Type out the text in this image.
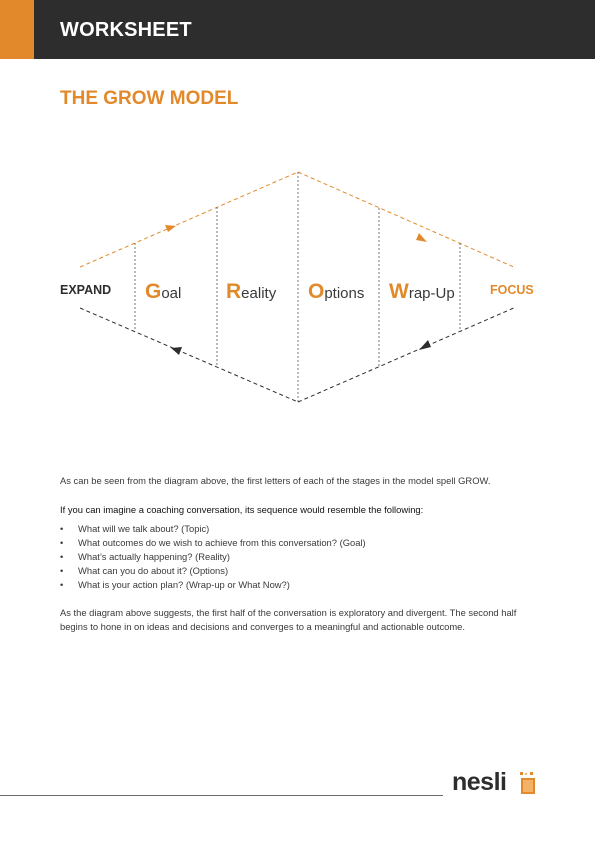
WORKSHEET
THE GROW MODEL
EXPAND	FOCUS
Goal Reality Options Wrap-Up

As can be seen from the diagram above, the first letters of each of the stages in the model spell GROW.

If you can imagine a coaching conversation, its sequence would resemble the following:

• What will we talk about? (Topic)
• What outcomes do we wish to achieve from this conversation? (Goal)
• What’s actually happening? (Reality)
• What can you do about it? (Options)
• What is your action plan? (Wrap-up or What Now?)

As the diagram above suggests, the first half of the conversation is exploratory and divergent. The second half begins to hone in on ideas and decisions and converges to a meaningful and actionable outcome.

nesli
